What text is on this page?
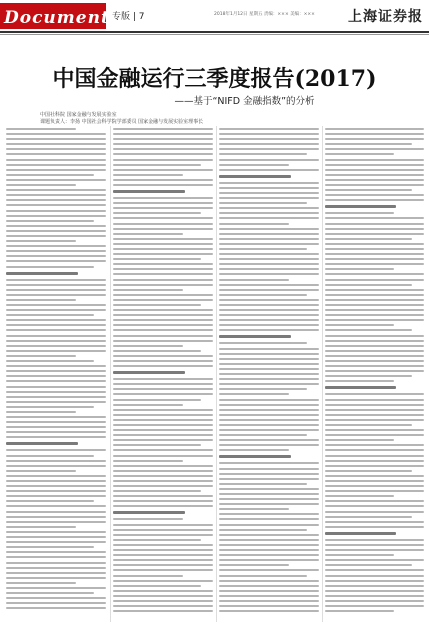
Document 专版 | 7	2018年1月12日 星期五 责编：××× 美编：×××	上海证券报
中国金融运行三季度报告(2017)
——基于“NIFD 金融指数”的分析
中国社科院 国家金融与发展实验室
课题负责人：李扬 中国社会科学院学部委员 国家金融与发展实验室理事长
